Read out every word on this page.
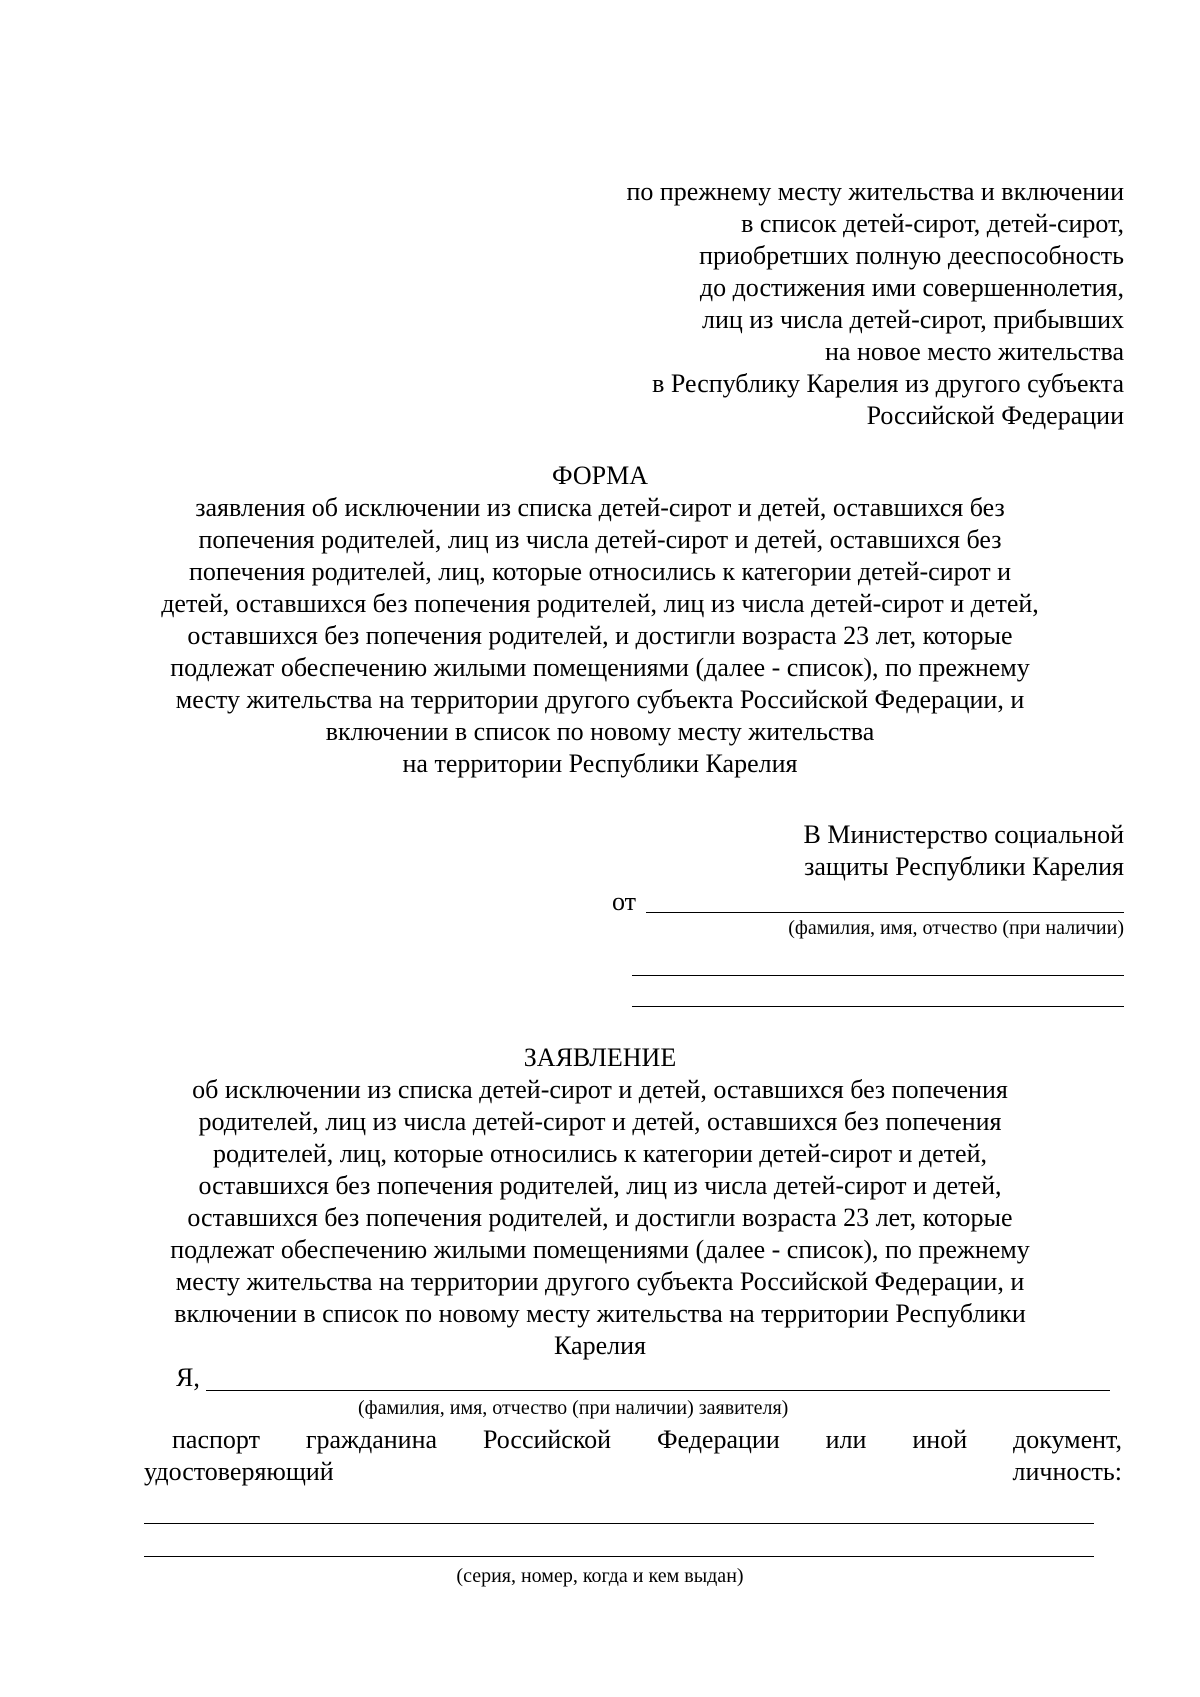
по прежнему месту жительства и включении
в список детей-сирот, детей-сирот,
приобретших полную дееспособность
до достижения ими совершеннолетия,
лиц из числа детей-сирот, прибывших
на новое место жительства
в Республику Карелия из другого субъекта
Российской Федерации
ФОРМА
заявления об исключении из списка детей-сирот и детей, оставшихся без
попечения родителей, лиц из числа детей-сирот и детей, оставшихся без
попечения родителей, лиц, которые относились к категории детей-сирот и
детей, оставшихся без попечения родителей, лиц из числа детей-сирот и детей,
оставшихся без попечения родителей, и достигли возраста 23 лет, которые
подлежат обеспечению жилыми помещениями (далее - список), по прежнему
месту жительства на территории другого субъекта Российской Федерации, и
включении в список по новому месту жительства
на территории Республики Карелия
В Министерство социальной
защиты Республики Карелия
от
(фамилия, имя, отчество (при наличии)
ЗАЯВЛЕНИЕ
об исключении из списка детей-сирот и детей, оставшихся без попечения
родителей, лиц из числа детей-сирот и детей, оставшихся без попечения
родителей, лиц, которые относились к категории детей-сирот и детей,
оставшихся без попечения родителей, лиц из числа детей-сирот и детей,
оставшихся без попечения родителей, и достигли возраста 23 лет, которые
подлежат обеспечению жилыми помещениями (далее - список), по прежнему
месту жительства на территории другого субъекта Российской Федерации, и
включении в список по новому месту жительства на территории Республики
Карелия
Я,
(фамилия, имя, отчество (при наличии) заявителя)
паспорт гражданина Российской Федерации или иной документ,
удостоверяющий	личность:
(серия, номер, когда и кем выдан)
